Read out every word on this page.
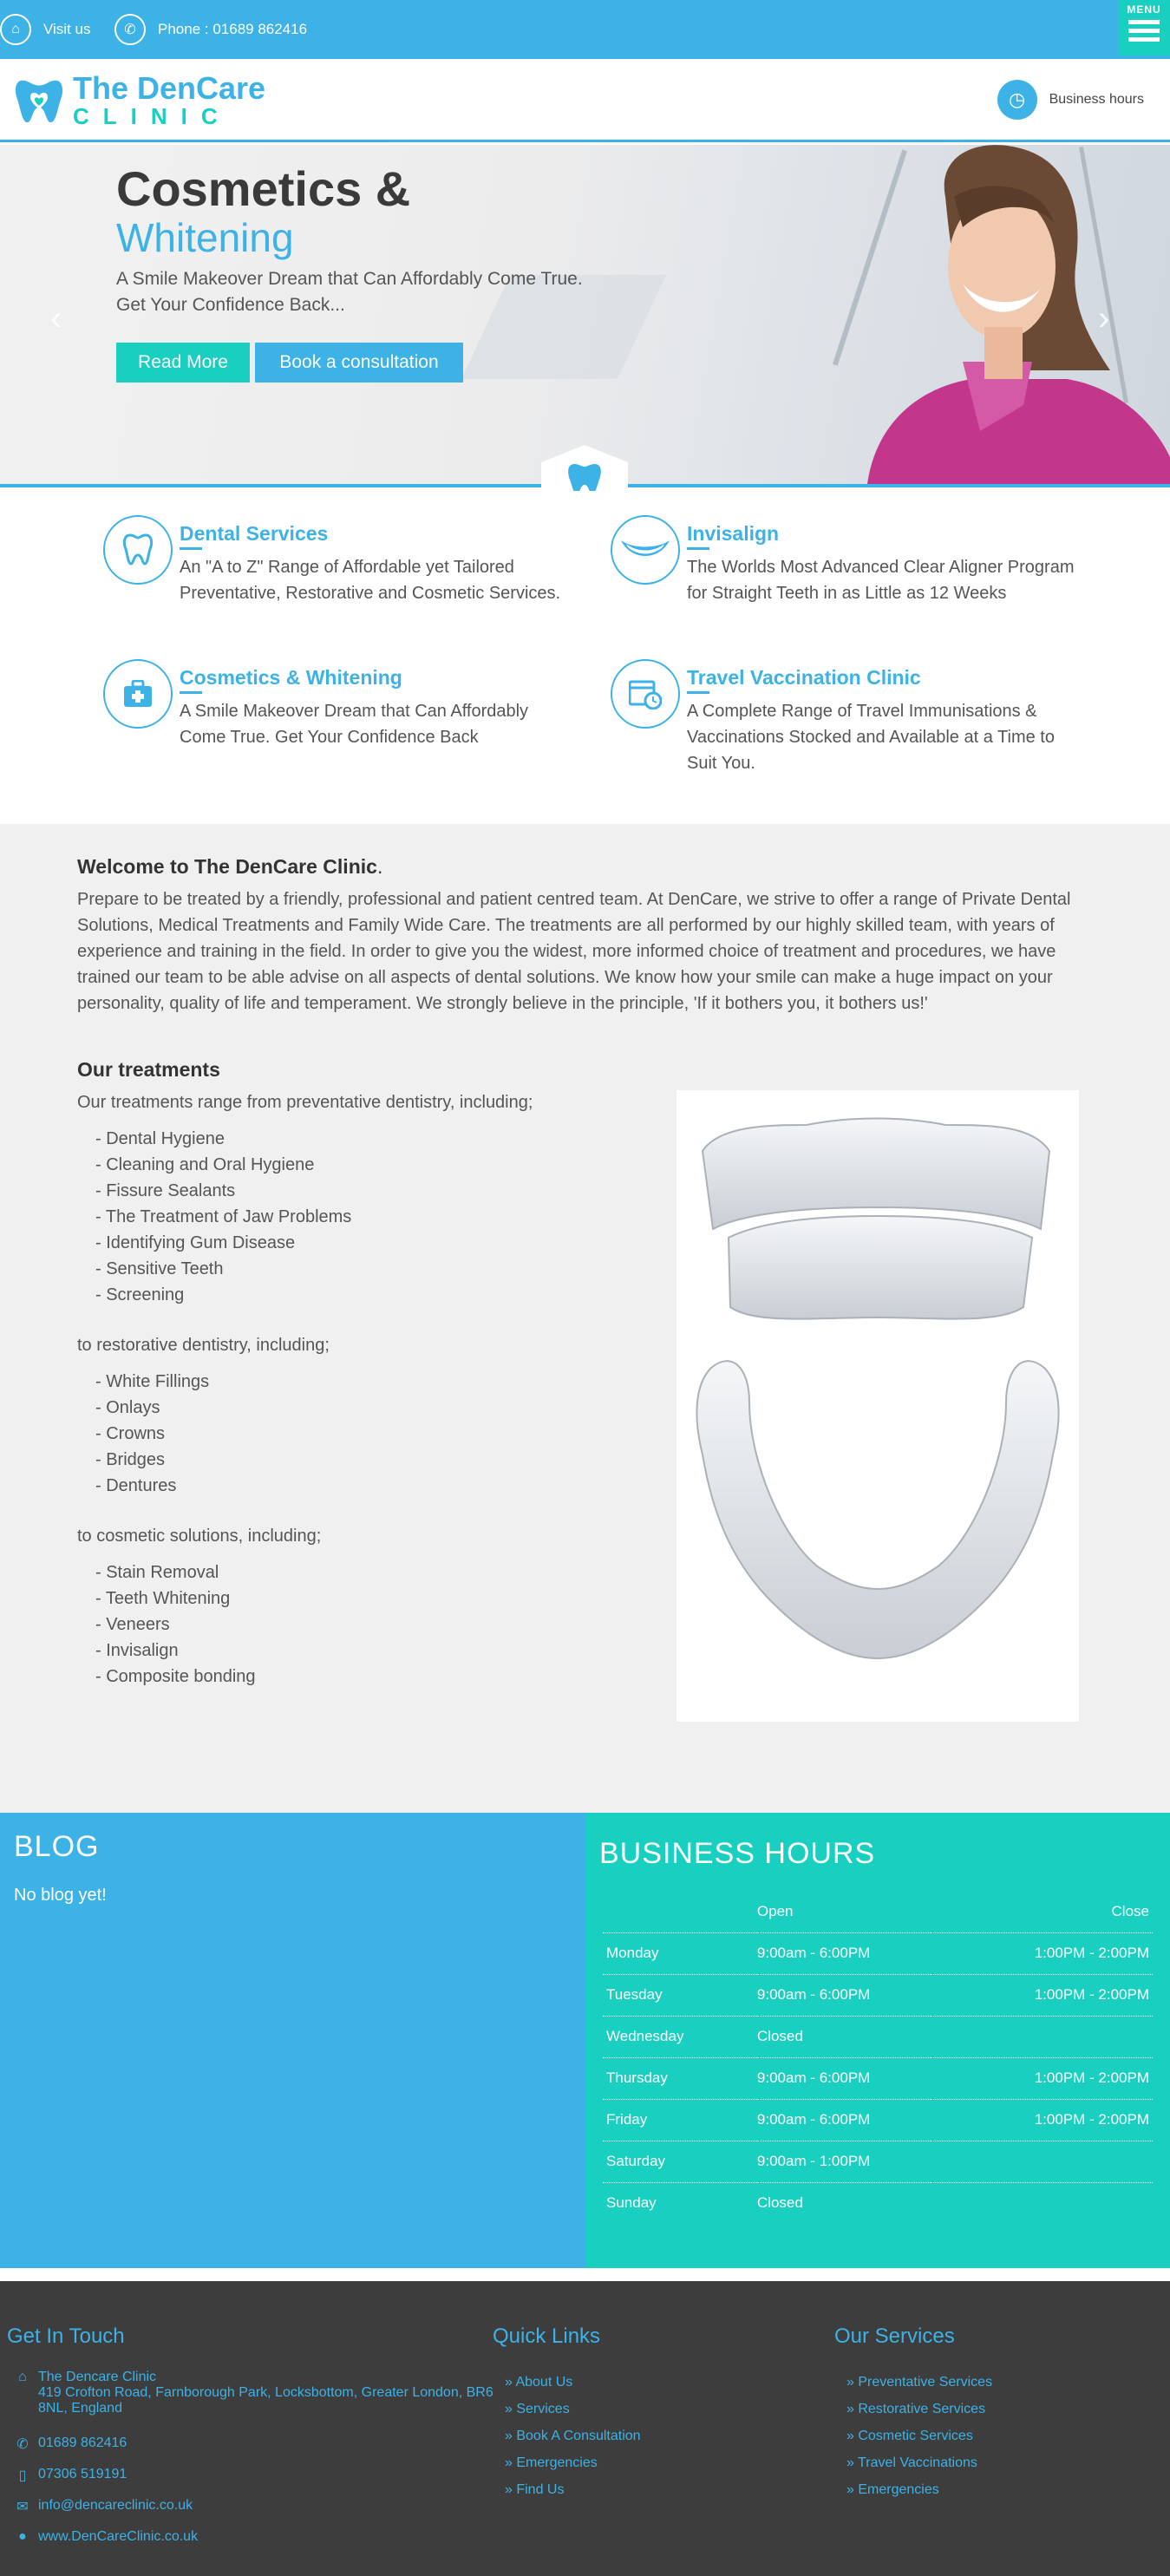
⌂	Visit us	✆	Phone : 01689 862416
MENU
The DenCare
CLINIC
◷	Business hours
Cosmetics &
Whitening
A Smile Makeover Dream that Can Affordably Come True. Get Your Confidence Back...
Read More	Book a consultation
‹	›
Dental Services
An "A to Z" Range of Affordable yet Tailored Preventative, Restorative and Cosmetic Services.
Invisalign
The Worlds Most Advanced Clear Aligner Program for Straight Teeth in as Little as 12 Weeks
Cosmetics & Whitening
A Smile Makeover Dream that Can Affordably Come True. Get Your Confidence Back
Travel Vaccination Clinic
A Complete Range of Travel Immunisations & Vaccinations Stocked and Available at a Time to Suit You.
Welcome to The DenCare Clinic.
Prepare to be treated by a friendly, professional and patient centred team. At DenCare, we strive to offer a range of Private Dental Solutions, Medical Treatments and Family Wide Care. The treatments are all performed by our highly skilled team, with years of experience and training in the field. In order to give you the widest, more informed choice of treatment and procedures, we have trained our team to be able advise on all aspects of dental solutions. We know how your smile can make a huge impact on your personality, quality of life and temperament. We strongly believe in the principle, 'If it bothers you, it bothers us!'
Our treatments
Our treatments range from preventative dentistry, including;
- Dental Hygiene
- Cleaning and Oral Hygiene
- Fissure Sealants
- The Treatment of Jaw Problems
- Identifying Gum Disease
- Sensitive Teeth
- Screening
to restorative dentistry, including;
- White Fillings
- Onlays
- Crowns
- Bridges
- Dentures
to cosmetic solutions, including;
- Stain Removal
- Teeth Whitening
- Veneers
- Invisalign
- Composite bonding
BLOG
No blog yet!
BUSINESS HOURS
	Open	Close
Monday	9:00am - 6:00PM	1:00PM - 2:00PM
Tuesday	9:00am - 6:00PM	1:00PM - 2:00PM
Wednesday	Closed	
Thursday	9:00am - 6:00PM	1:00PM - 2:00PM
Friday	9:00am - 6:00PM	1:00PM - 2:00PM
Saturday	9:00am - 1:00PM	
Sunday	Closed	
Get In Touch
⌂ The Dencare Clinic
419 Crofton Road, Farnborough Park, Locksbottom, Greater London, BR6 8NL, England
✆ 01689 862416
▯ 07306 519191
✉ info@dencareclinic.co.uk
● www.DenCareClinic.co.uk
Quick Links
» About Us
» Services
» Book A Consultation
» Emergencies
» Find Us
Our Services
» Preventative Services
» Restorative Services
» Cosmetic Services
» Travel Vaccinations
» Emergencies
